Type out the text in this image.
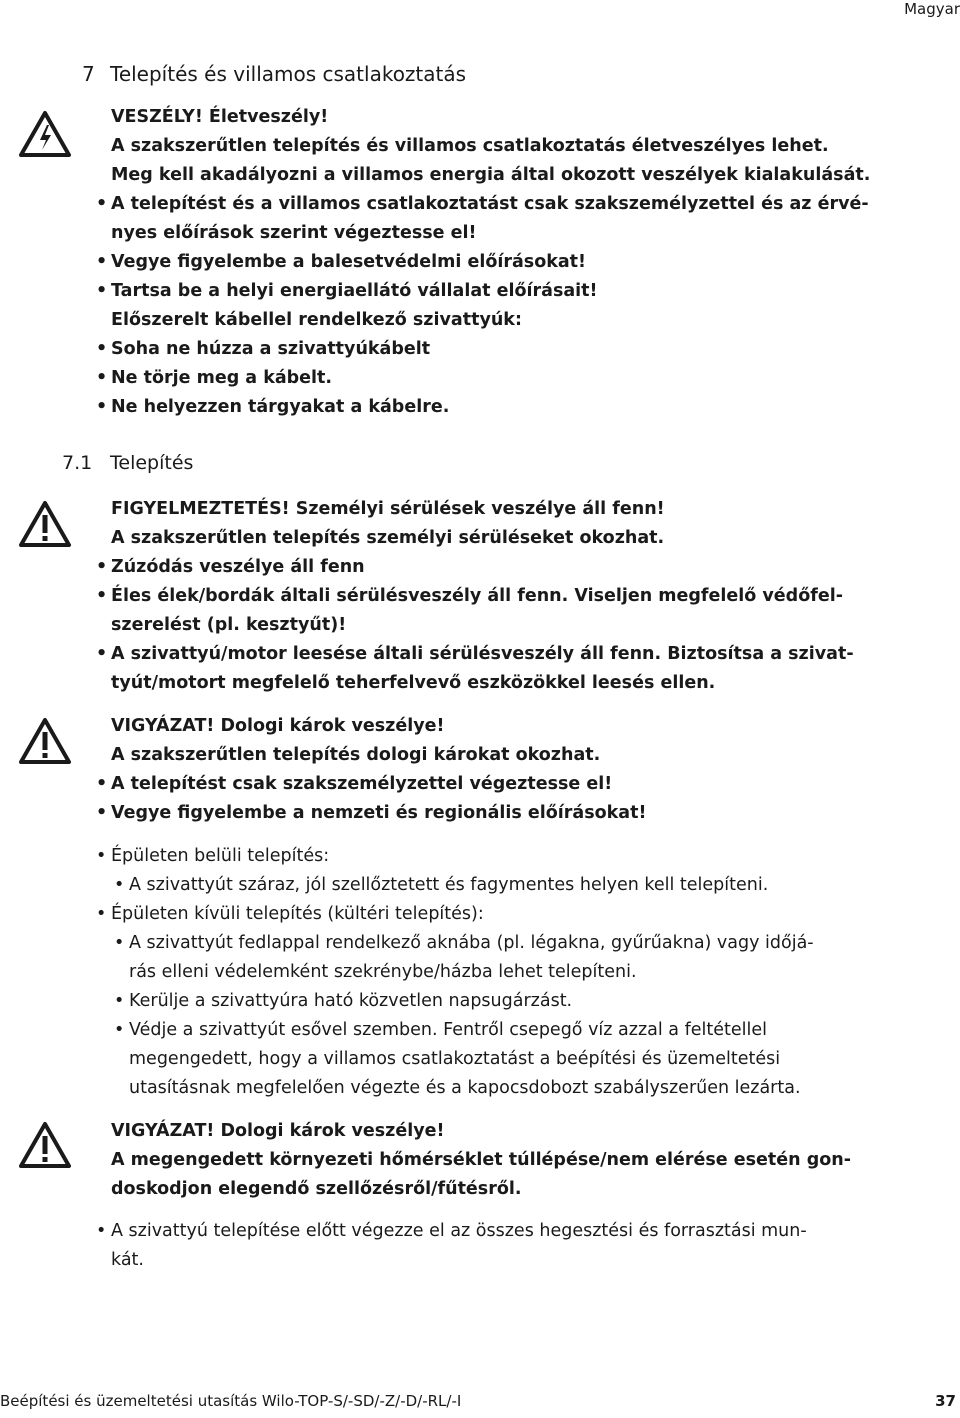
Magyar
7 Telepítés és villamos csatlakoztatás
VESZÉLY! Életveszély!
A szakszerűtlen telepítés és villamos csatlakoztatás életveszélyes lehet.
Meg kell akadályozni a villamos energia által okozott veszélyek kialakulását.
• A telepítést és a villamos csatlakoztatást csak szakszemélyzettel és az érvé-
nyes előírások szerint végeztesse el!
• Vegye figyelembe a balesetvédelmi előírásokat!
• Tartsa be a helyi energiaellátó vállalat előírásait!
Előszerelt kábellel rendelkező szivattyúk:
• Soha ne húzza a szivattyúkábelt
• Ne törje meg a kábelt.
• Ne helyezzen tárgyakat a kábelre.
7.1 Telepítés
FIGYELMEZTETÉS! Személyi sérülések veszélye áll fenn!
A szakszerűtlen telepítés személyi sérüléseket okozhat.
• Zúzódás veszélye áll fenn
• Éles élek/bordák általi sérülésveszély áll fenn. Viseljen megfelelő védőfel-
szerelést (pl. kesztyűt)!
• A szivattyú/motor leesése általi sérülésveszély áll fenn. Biztosítsa a szivat-
tyút/motort megfelelő teherfelvevő eszközökkel leesés ellen.
VIGYÁZAT! Dologi károk veszélye!
A szakszerűtlen telepítés dologi károkat okozhat.
• A telepítést csak szakszemélyzettel végeztesse el!
• Vegye figyelembe a nemzeti és regionális előírásokat!
• Épületen belüli telepítés:
• A szivattyút száraz, jól szellőztetett és fagymentes helyen kell telepíteni.
• Épületen kívüli telepítés (kültéri telepítés):
• A szivattyút fedlappal rendelkező aknába (pl. légakna, gyűrűakna) vagy időjá-
rás elleni védelemként szekrénybe/házba lehet telepíteni.
• Kerülje a szivattyúra ható közvetlen napsugárzást.
• Védje a szivattyút esővel szemben. Fentről csepegő víz azzal a feltétellel
megengedett, hogy a villamos csatlakoztatást a beépítési és üzemeltetési
utasításnak megfelelően végezte és a kapocsdobozt szabályszerűen lezárta.
VIGYÁZAT! Dologi károk veszélye!
A megengedett környezeti hőmérséklet túllépése/nem elérése esetén gon-
doskodjon elegendő szellőzésről/fűtésről.
• A szivattyú telepítése előtt végezze el az összes hegesztési és forrasztási mun-
kát.
Beépítési és üzemeltetési utasítás Wilo-TOP-S/-SD/-Z/-D/-RL/-I	37
